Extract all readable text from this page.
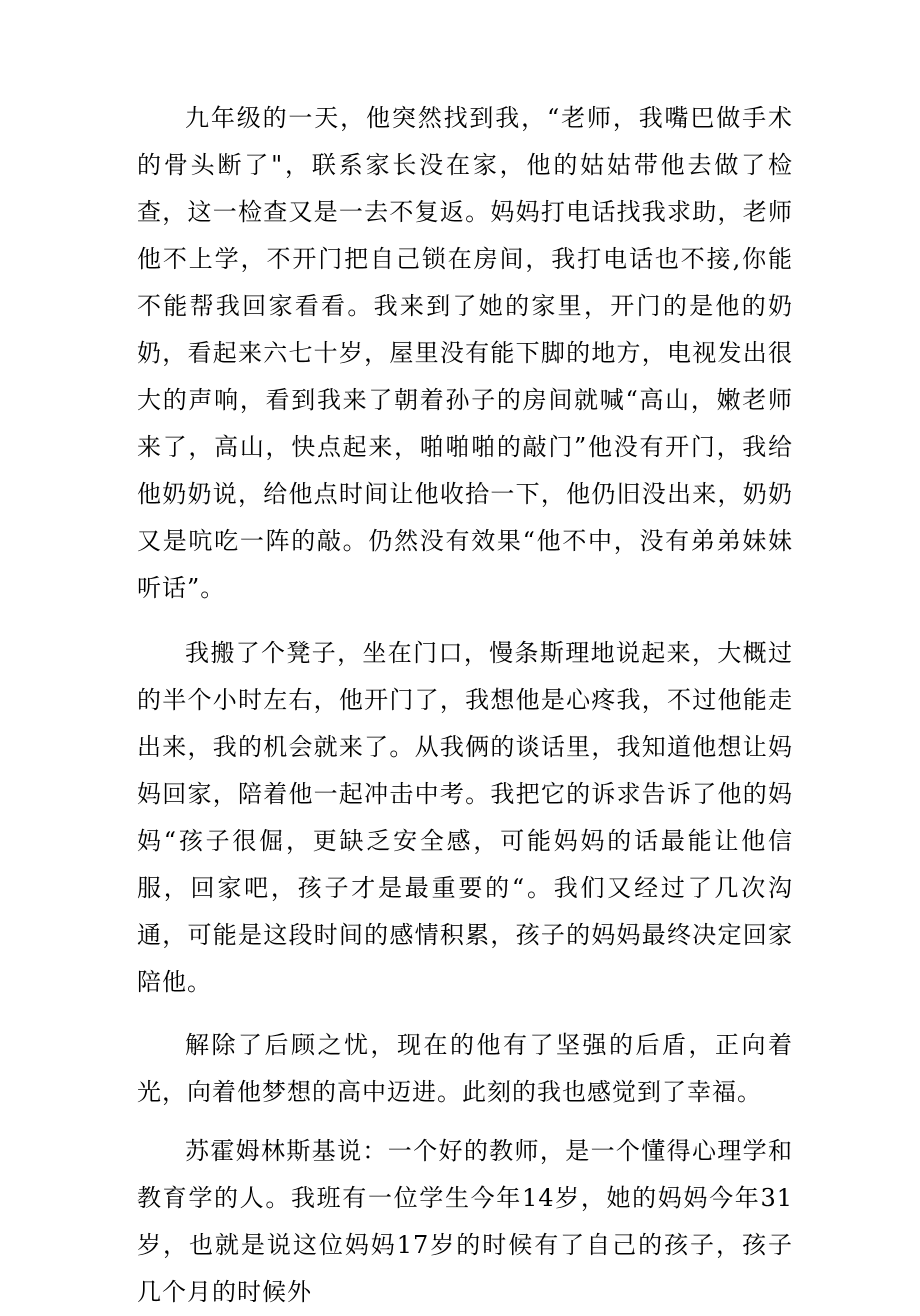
九年级的一天，他突然找到我，“老师，我嘴巴做手术的骨头断了"，联系家长没在家，他的姑姑带他去做了检查，这一检查又是一去不复返。妈妈打电话找我求助，老师他不上学，不开门把自己锁在房间，我打电话也不接,你能不能帮我回家看看。我来到了她的家里，开门的是他的奶奶，看起来六七十岁，屋里没有能下脚的地方，电视发出很大的声响，看到我来了朝着孙子的房间就喊“高山，嫩老师来了，高山，快点起来，啪啪啪的敲门”他没有开门，我给他奶奶说，给他点时间让他收拾一下，他仍旧没出来，奶奶又是吭吃一阵的敲。仍然没有效果“他不中，没有弟弟妹妹听话”。

我搬了个凳子，坐在门口，慢条斯理地说起来，大概过的半个小时左右，他开门了，我想他是心疼我，不过他能走出来，我的机会就来了。从我俩的谈话里，我知道他想让妈妈回家，陪着他一起冲击中考。我把它的诉求告诉了他的妈妈“孩子很倔，更缺乏安全感，可能妈妈的话最能让他信服，回家吧，孩子才是最重要的“。我们又经过了几次沟通，可能是这段时间的感情积累，孩子的妈妈最终决定回家陪他。

解除了后顾之忧，现在的他有了坚强的后盾，正向着光，向着他梦想的高中迈进。此刻的我也感觉到了幸福。

苏霍姆林斯基说：一个好的教师，是一个懂得心理学和教育学的人。我班有一位学生今年14岁，她的妈妈今年31岁，也就是说这位妈妈17岁的时候有了自己的孩子，孩子几个月的时候外
